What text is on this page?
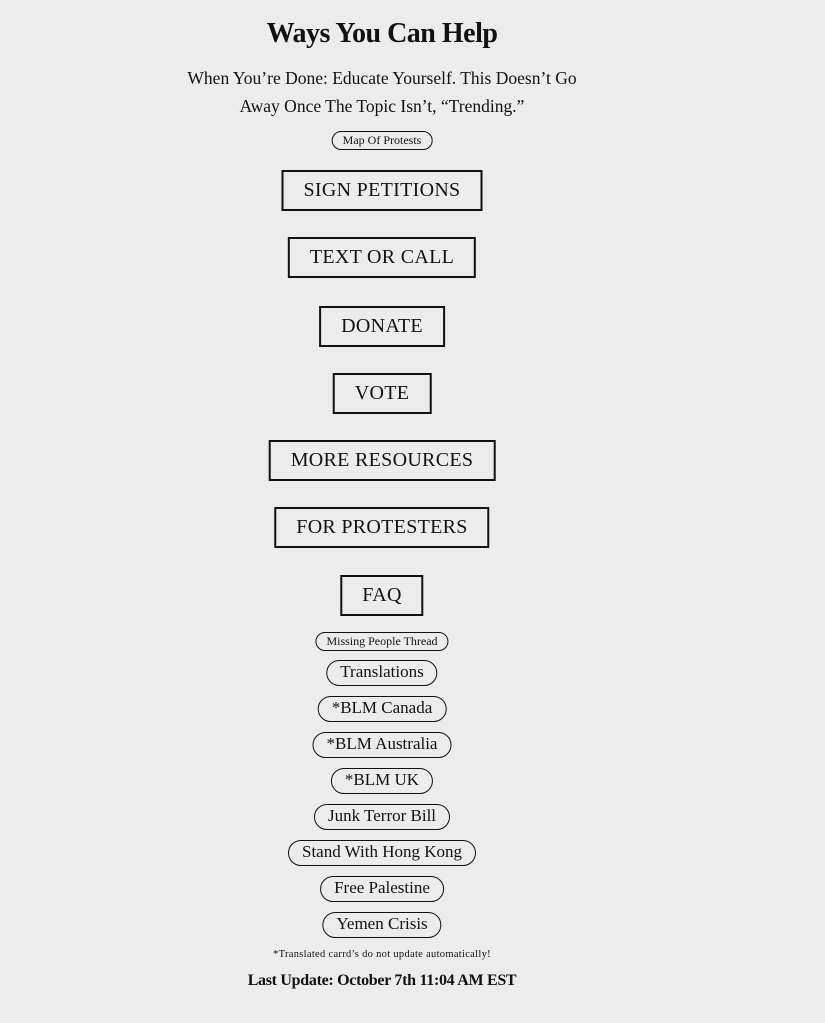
Ways You Can Help
When You’re Done: Educate Yourself. This Doesn’t Go
Away Once The Topic Isn’t, “Trending.”
Map Of Protests
SIGN PETITIONS
TEXT OR CALL
DONATE
VOTE
MORE RESOURCES
FOR PROTESTERS
FAQ
Missing People Thread
Translations
*BLM Canada
*BLM Australia
*BLM UK
Junk Terror Bill
Stand With Hong Kong
Free Palestine
Yemen Crisis
*Translated carrd’s do not update automatically!
Last Update: October 7th 11:04 AM EST
